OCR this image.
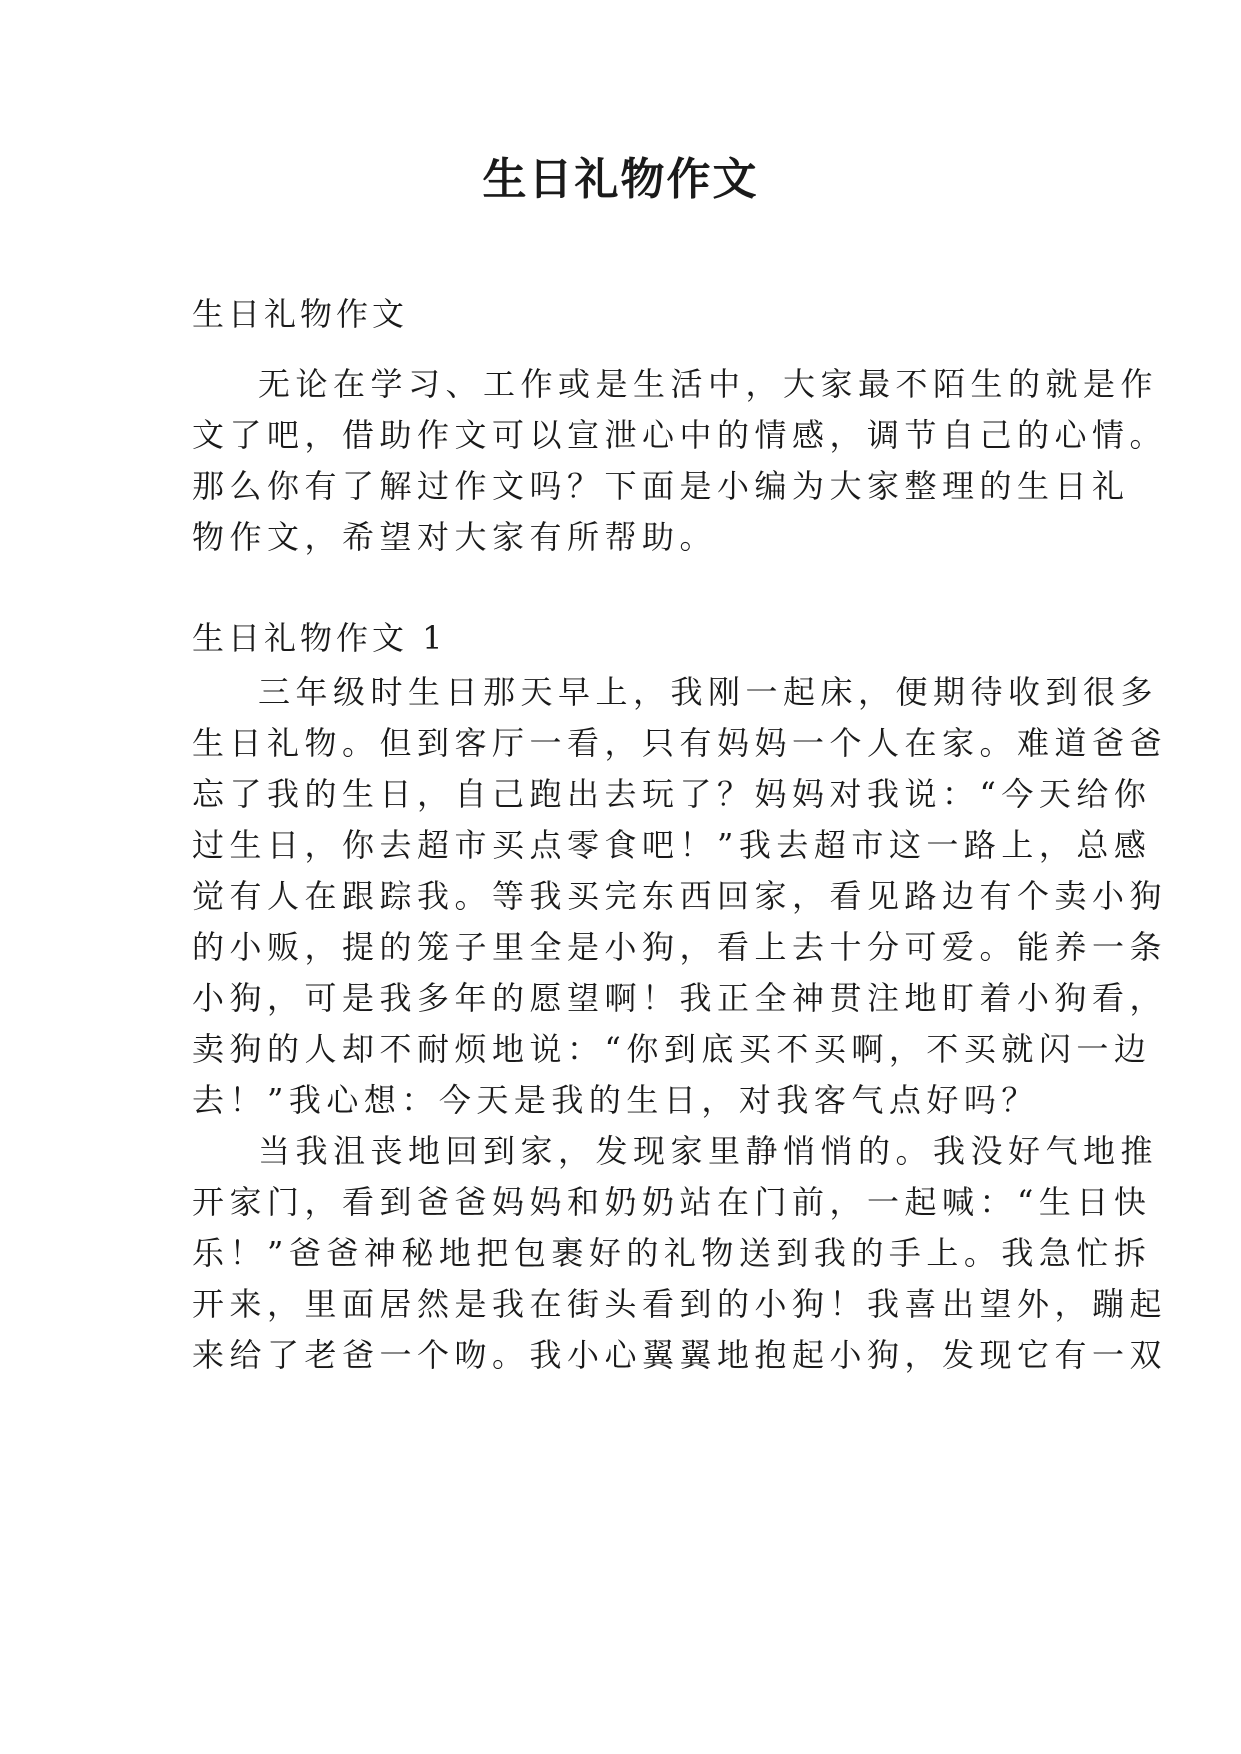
生日礼物作文

生日礼物作文

无论在学习、工作或是生活中，大家最不陌生的就是作

文了吧，借助作文可以宣泄心中的情感，调节自己的心情。

那么你有了解过作文吗？下面是小编为大家整理的生日礼

物作文，希望对大家有所帮助。

生日礼物作文 1

三年级时生日那天早上，我刚一起床，便期待收到很多

生日礼物。但到客厅一看，只有妈妈一个人在家。难道爸爸

忘了我的生日，自己跑出去玩了？妈妈对我说：“今天给你

过生日，你去超市买点零食吧！”我去超市这一路上，总感

觉有人在跟踪我。等我买完东西回家，看见路边有个卖小狗

的小贩，提的笼子里全是小狗，看上去十分可爱。能养一条

小狗，可是我多年的愿望啊！我正全神贯注地盯着小狗看，

卖狗的人却不耐烦地说：“你到底买不买啊，不买就闪一边

去！”我心想：今天是我的生日，对我客气点好吗？

当我沮丧地回到家，发现家里静悄悄的。我没好气地推

开家门，看到爸爸妈妈和奶奶站在门前，一起喊：“生日快

乐！”爸爸神秘地把包裹好的礼物送到我的手上。我急忙拆

开来，里面居然是我在街头看到的小狗！我喜出望外，蹦起

来给了老爸一个吻。我小心翼翼地抱起小狗，发现它有一双
